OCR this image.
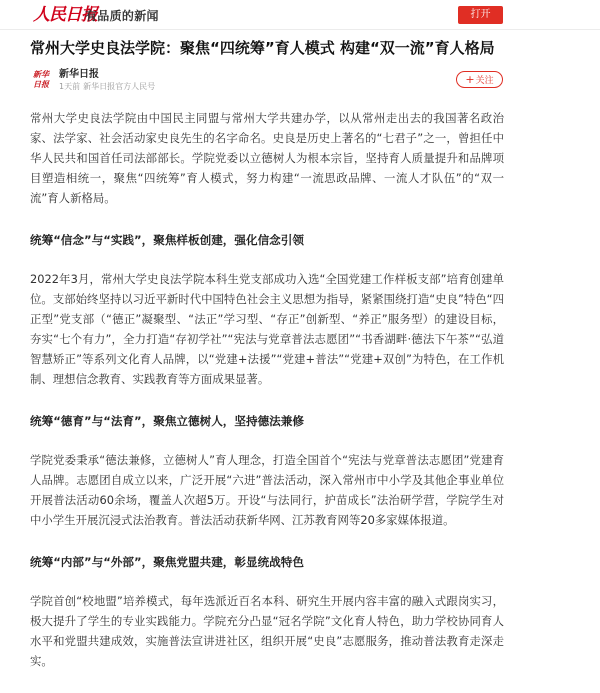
人民日报
有品质的新闻	打开
常州大学史良法学院：聚焦“四统筹”育人模式 构建“双一流”育人格局
新华日报
新华日报
1天前 新华日报官方人民号
+关注

常州大学史良法学院由中国民主同盟与常州大学共建办学，以从常州走出去的我国著名政治家、法学家、社会活动家史良先生的名字命名。史良是历史上著名的“七君子”之一，曾担任中华人民共和国首任司法部部长。学院党委以立德树人为根本宗旨，坚持育人质量提升和品牌项目塑造相统一，聚焦“四统筹”育人模式，努力构建“一流思政品牌、一流人才队伍”的“双一流”育人新格局。

统筹“信念”与“实践”，聚焦样板创建，强化信念引领

2022年3月，常州大学史良法学院本科生党支部成功入选“全国党建工作样板支部”培育创建单位。支部始终坚持以习近平新时代中国特色社会主义思想为指导，紧紧围绕打造“史良”特色“四正型”党支部（“德正”凝聚型、“法正”学习型、“存正”创新型、“养正”服务型）的建设目标，夯实“七个有力”，全力打造“存初学社”“宪法与党章普法志愿团”“书香湖畔·德法下午茶”“弘道智慧矫正”等系列文化育人品牌，以“党建+法援”“党建+普法”“党建+双创”为特色，在工作机制、理想信念教育、实践教育等方面成果显著。

统筹“德育”与“法育”，聚焦立德树人，坚持德法兼修

学院党委秉承“德法兼修，立德树人”育人理念，打造全国首个“宪法与党章普法志愿团”党建育人品牌。志愿团自成立以来，广泛开展“六进”普法活动，深入常州市中小学及其他企事业单位开展普法活动60余场，覆盖人次超5万。开设“与法同行，护苗成长”法治研学营，学院学生对中小学生开展沉浸式法治教育。普法活动获新华网、江苏教育网等20多家媒体报道。

统筹“内部”与“外部”，聚焦党盟共建，彰显统战特色

学院首创“校地盟”培养模式，每年选派近百名本科、研究生开展内容丰富的融入式跟岗实习，极大提升了学生的专业实践能力。学院充分凸显“冠名学院”文化育人特色，助力学校协同育人水平和党盟共建成效，实施普法宣讲进社区，组织开展“史良”志愿服务，推动普法教育走深走实。
